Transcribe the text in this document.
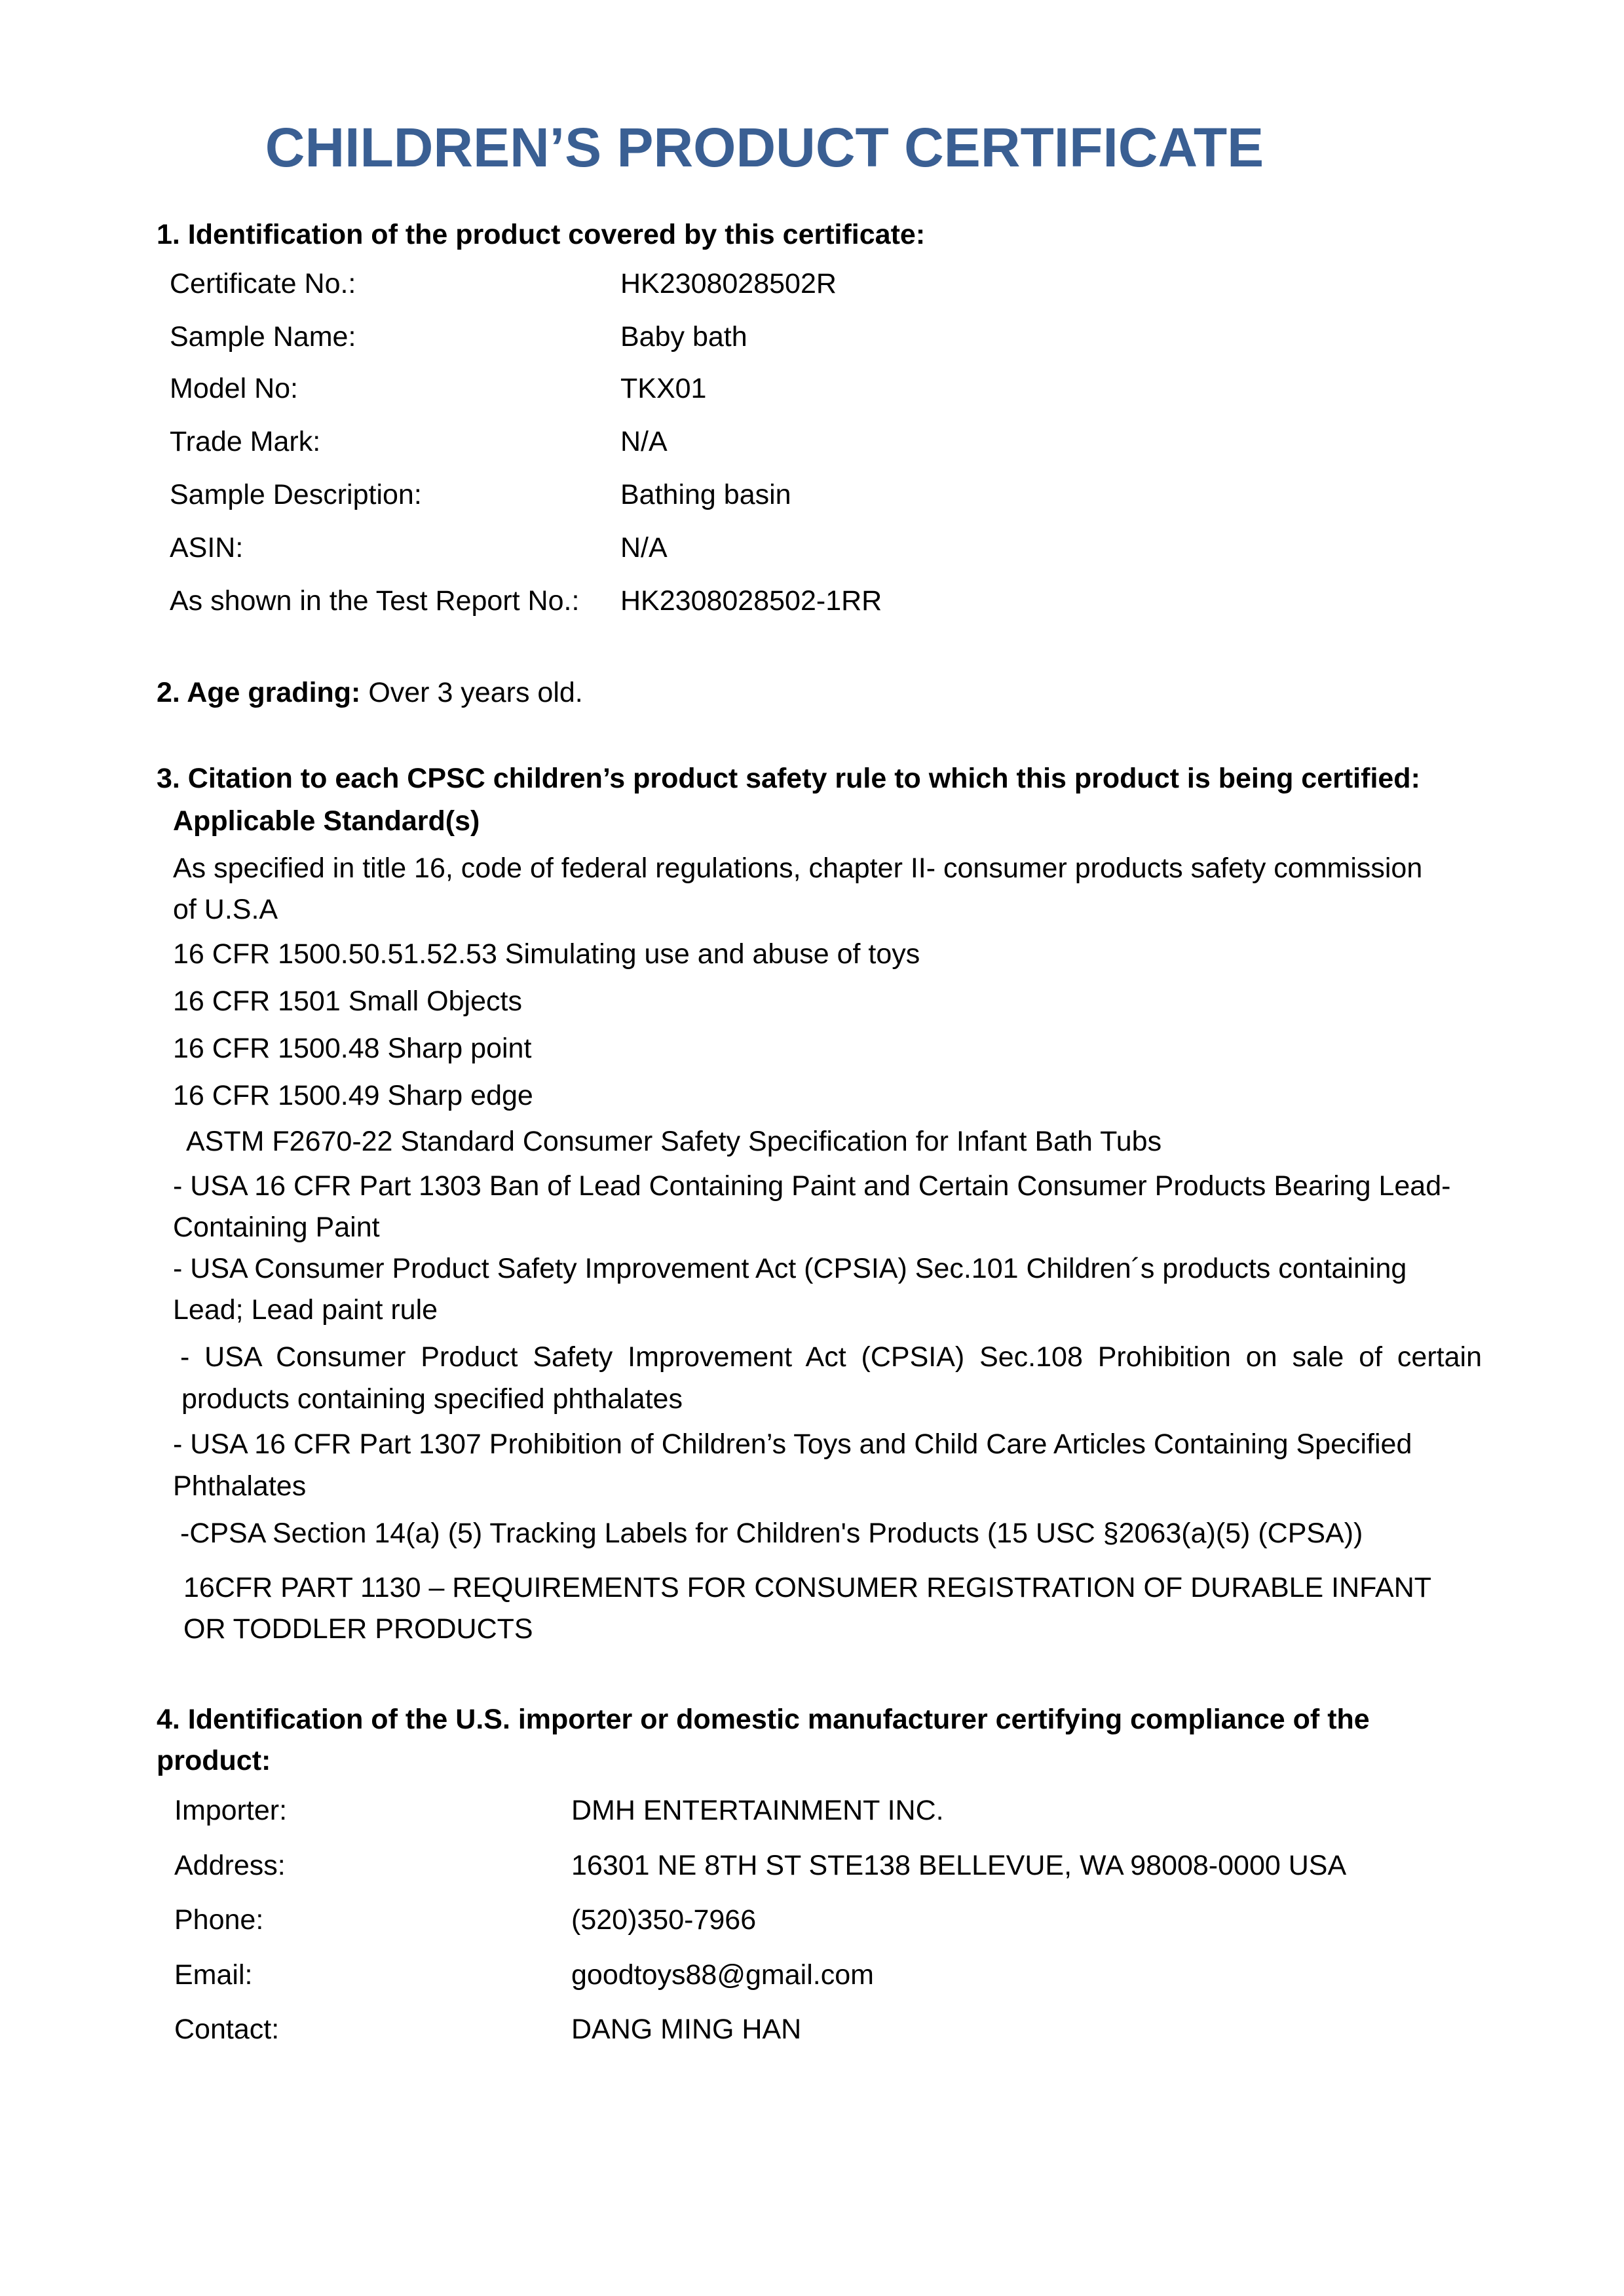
CHILDREN’S PRODUCT CERTIFICATE
1. Identification of the product covered by this certificate:
Certificate No.:	HK2308028502R
Sample Name:	Baby bath
Model No:	TKX01
Trade Mark:	N/A
Sample Description:	Bathing basin
ASIN:	N/A
As shown in the Test Report No.: HK2308028502-1RR
2. Age grading: Over 3 years old.
3. Citation to each CPSC children’s product safety rule to which this product is being certified:
Applicable Standard(s)
As specified in title 16, code of federal regulations, chapter II- consumer products safety commission
of U.S.A
16 CFR 1500.50.51.52.53 Simulating use and abuse of toys
16 CFR 1501 Small Objects
16 CFR 1500.48 Sharp point
16 CFR 1500.49 Sharp edge
ASTM F2670-22 Standard Consumer Safety Specification for Infant Bath Tubs
- USA 16 CFR Part 1303 Ban of Lead Containing Paint and Certain Consumer Products Bearing Lead-
Containing Paint
- USA Consumer Product Safety Improvement Act (CPSIA) Sec.101 Children´s products containing
Lead; Lead paint rule
- USA Consumer Product Safety Improvement Act (CPSIA) Sec.108 Prohibition on sale of certain
products containing specified phthalates
- USA 16 CFR Part 1307 Prohibition of Children’s Toys and Child Care Articles Containing Specified
Phthalates
-CPSA Section 14(a) (5) Tracking Labels for Children's Products (15 USC §2063(a)(5) (CPSA))
16CFR PART 1130 – REQUIREMENTS FOR CONSUMER REGISTRATION OF DURABLE INFANT
OR TODDLER PRODUCTS
4. Identification of the U.S. importer or domestic manufacturer certifying compliance of the
product:
Importer:	DMH ENTERTAINMENT INC.
Address:	16301 NE 8TH ST STE138 BELLEVUE, WA 98008-0000 USA
Phone:	(520)350-7966
Email:	goodtoys88@gmail.com
Contact:	DANG MING HAN
